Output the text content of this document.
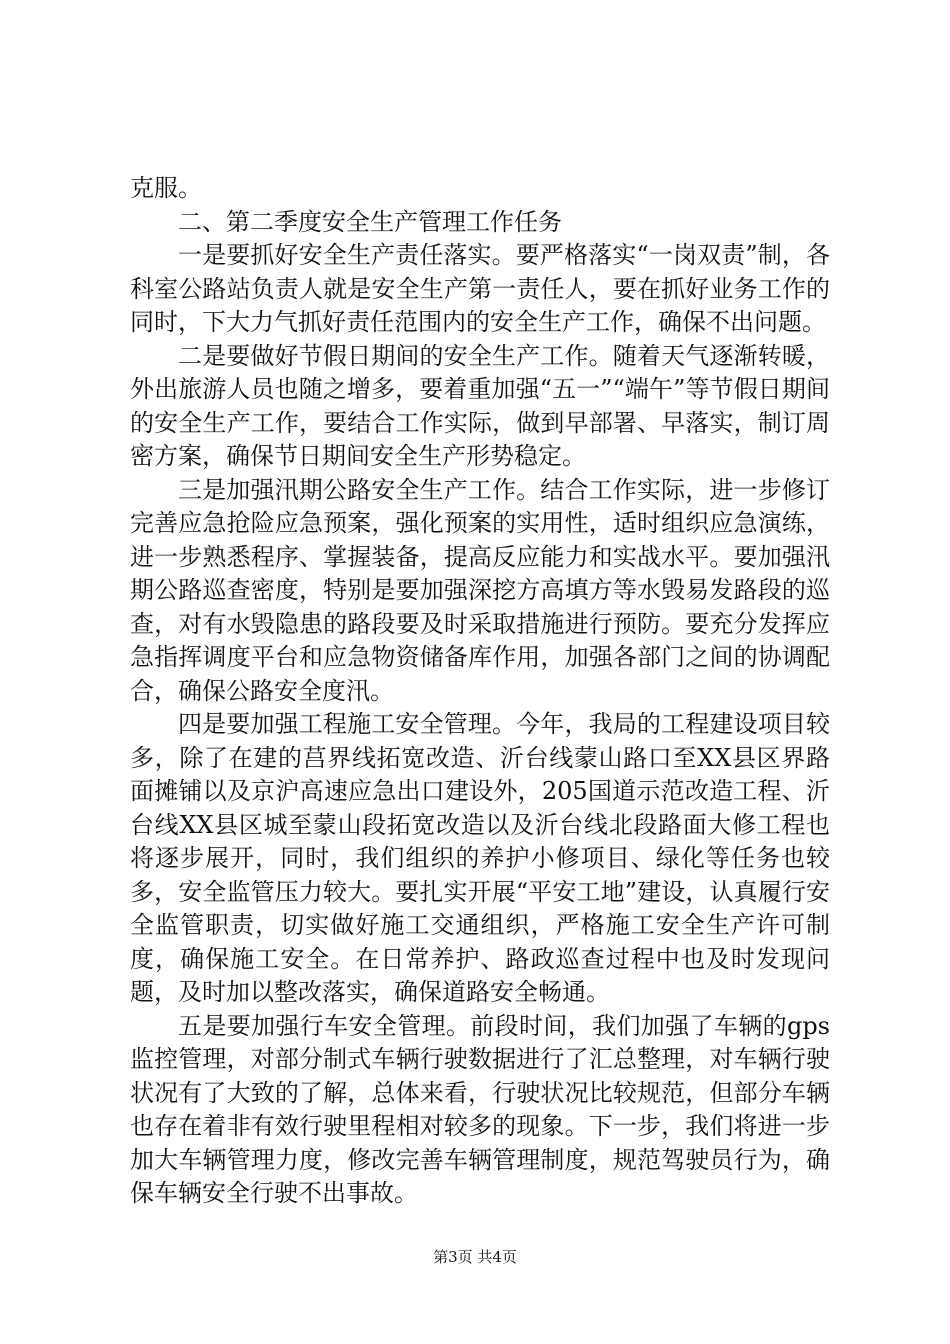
克服。

二、第二季度安全生产管理工作任务

一是要抓好安全生产责任落实。要严格落实“一岗双责”制，各科室公路站负责人就是安全生产第一责任人，要在抓好业务工作的同时，下大力气抓好责任范围内的安全生产工作，确保不出问题。

二是要做好节假日期间的安全生产工作。随着天气逐渐转暖，外出旅游人员也随之增多，要着重加强“五一”“端午”等节假日期间的安全生产工作，要结合工作实际，做到早部署、早落实，制订周密方案，确保节日期间安全生产形势稳定。

三是加强汛期公路安全生产工作。结合工作实际，进一步修订完善应急抢险应急预案，强化预案的实用性，适时组织应急演练，进一步熟悉程序、掌握装备，提高反应能力和实战水平。要加强汛期公路巡查密度，特别是要加强深挖方高填方等水毁易发路段的巡查，对有水毁隐患的路段要及时采取措施进行预防。要充分发挥应急指挥调度平台和应急物资储备库作用，加强各部门之间的协调配合，确保公路安全度汛。

四是要加强工程施工安全管理。今年，我局的工程建设项目较多，除了在建的莒界线拓宽改造、沂台线蒙山路口至XX县区界路面摊铺以及京沪高速应急出口建设外，205国道示范改造工程、沂台线XX县区城至蒙山段拓宽改造以及沂台线北段路面大修工程也将逐步展开，同时，我们组织的养护小修项目、绿化等任务也较多，安全监管压力较大。要扎实开展“平安工地”建设，认真履行安全监管职责，切实做好施工交通组织，严格施工安全生产许可制度，确保施工安全。在日常养护、路政巡查过程中也及时发现问题，及时加以整改落实，确保道路安全畅通。

五是要加强行车安全管理。前段时间，我们加强了车辆的gps监控管理，对部分制式车辆行驶数据进行了汇总整理，对车辆行驶状况有了大致的了解，总体来看，行驶状况比较规范，但部分车辆也存在着非有效行驶里程相对较多的现象。下一步，我们将进一步加大车辆管理力度，修改完善车辆管理制度，规范驾驶员行为，确保车辆安全行驶不出事故。

第3页 共4页
